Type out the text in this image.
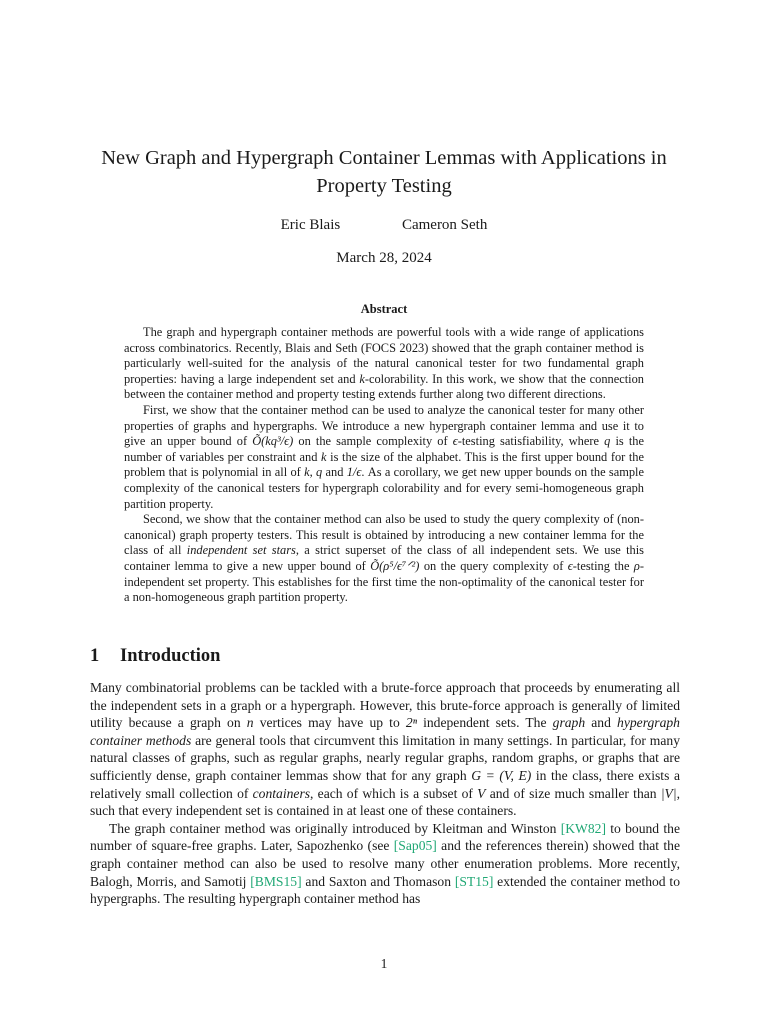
New Graph and Hypergraph Container Lemmas with Applications in Property Testing
Eric Blais	Cameron Seth
March 28, 2024
Abstract

The graph and hypergraph container methods are powerful tools with a wide range of applications across combinatorics. Recently, Blais and Seth (FOCS 2023) showed that the graph container method is particularly well-suited for the analysis of the natural canonical tester for two fundamental graph properties: having a large independent set and k-colorability. In this work, we show that the connection between the container method and property testing extends further along two different directions.

First, we show that the container method can be used to analyze the canonical tester for many other properties of graphs and hypergraphs. We introduce a new hypergraph container lemma and use it to give an upper bound of Õ(kq³/ϵ) on the sample complexity of ϵ-testing satisfiability, where q is the number of variables per constraint and k is the size of the alphabet. This is the first upper bound for the problem that is polynomial in all of k, q and 1/ϵ. As a corollary, we get new upper bounds on the sample complexity of the canonical testers for hypergraph colorability and for every semi-homogeneous graph partition property.

Second, we show that the container method can also be used to study the query complexity of (non-canonical) graph property testers. This result is obtained by introducing a new container lemma for the class of all independent set stars, a strict superset of the class of all independent sets. We use this container lemma to give a new upper bound of Õ(ρ⁵/ϵ⁷ᐟ²) on the query complexity of ϵ-testing the ρ-independent set property. This establishes for the first time the non-optimality of the canonical tester for a non-homogeneous graph partition property.

1 Introduction

Many combinatorial problems can be tackled with a brute-force approach that proceeds by enumerating all the independent sets in a graph or a hypergraph. However, this brute-force approach is generally of limited utility because a graph on n vertices may have up to 2ⁿ independent sets. The graph and hypergraph container methods are general tools that circumvent this limitation in many settings. In particular, for many natural classes of graphs, such as regular graphs, nearly regular graphs, random graphs, or graphs that are sufficiently dense, graph container lemmas show that for any graph G = (V, E) in the class, there exists a relatively small collection of containers, each of which is a subset of V and of size much smaller than |V|, such that every independent set is contained in at least one of these containers.

The graph container method was originally introduced by Kleitman and Winston [KW82] to bound the number of square-free graphs. Later, Sapozhenko (see [Sap05] and the references therein) showed that the graph container method can also be used to resolve many other enumeration problems. More recently, Balogh, Morris, and Samotij [BMS15] and Saxton and Thomason [ST15] extended the container method to hypergraphs. The resulting hypergraph container method has

1
